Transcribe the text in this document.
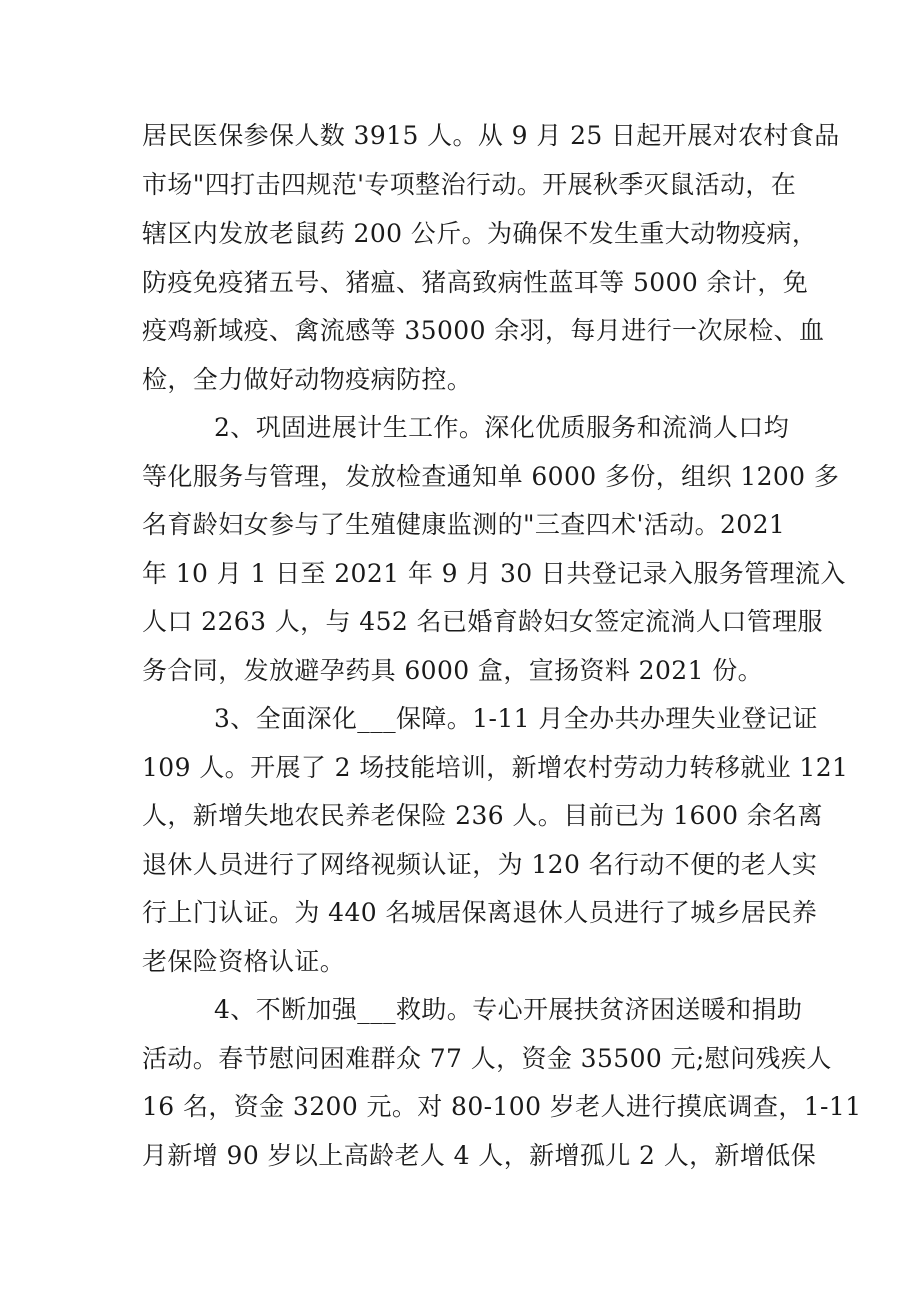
居民医保参保人数 3915 人。从 9 月 25 日起开展对农村食品
市场"四打击四规范'专项整治行动。开展秋季灭鼠活动，在
辖区内发放老鼠药 200 公斤。为确保不发生重大动物疫病，
防疫免疫猪五号、猪瘟、猪高致病性蓝耳等 5000 余计，免
疫鸡新域疫、禽流感等 35000 余羽，每月进行一次尿检、血
检，全力做好动物疫病防控。
2、巩固进展计生工作。深化优质服务和流淌人口均
等化服务与管理，发放检查通知单 6000 多份，组织 1200 多
名育龄妇女参与了生殖健康监测的"三查四术'活动。2021
年 10 月 1 日至 2021 年 9 月 30 日共登记录入服务管理流入
人口 2263 人，与 452 名已婚育龄妇女签定流淌人口管理服
务合同，发放避孕药具 6000 盒，宣扬资料 2021 份。
3、全面深化___保障。1-11 月全办共办理失业登记证
109 人。开展了 2 场技能培训，新增农村劳动力转移就业 121
人，新增失地农民养老保险 236 人。目前已为 1600 余名离
退休人员进行了网络视频认证，为 120 名行动不便的老人实
行上门认证。为 440 名城居保离退休人员进行了城乡居民养
老保险资格认证。
4、不断加强___救助。专心开展扶贫济困送暖和捐助
活动。春节慰问困难群众 77 人，资金 35500 元;慰问残疾人
16 名，资金 3200 元。对 80-100 岁老人进行摸底调查，1-11
月新增 90 岁以上高龄老人 4 人，新增孤儿 2 人，新增低保
